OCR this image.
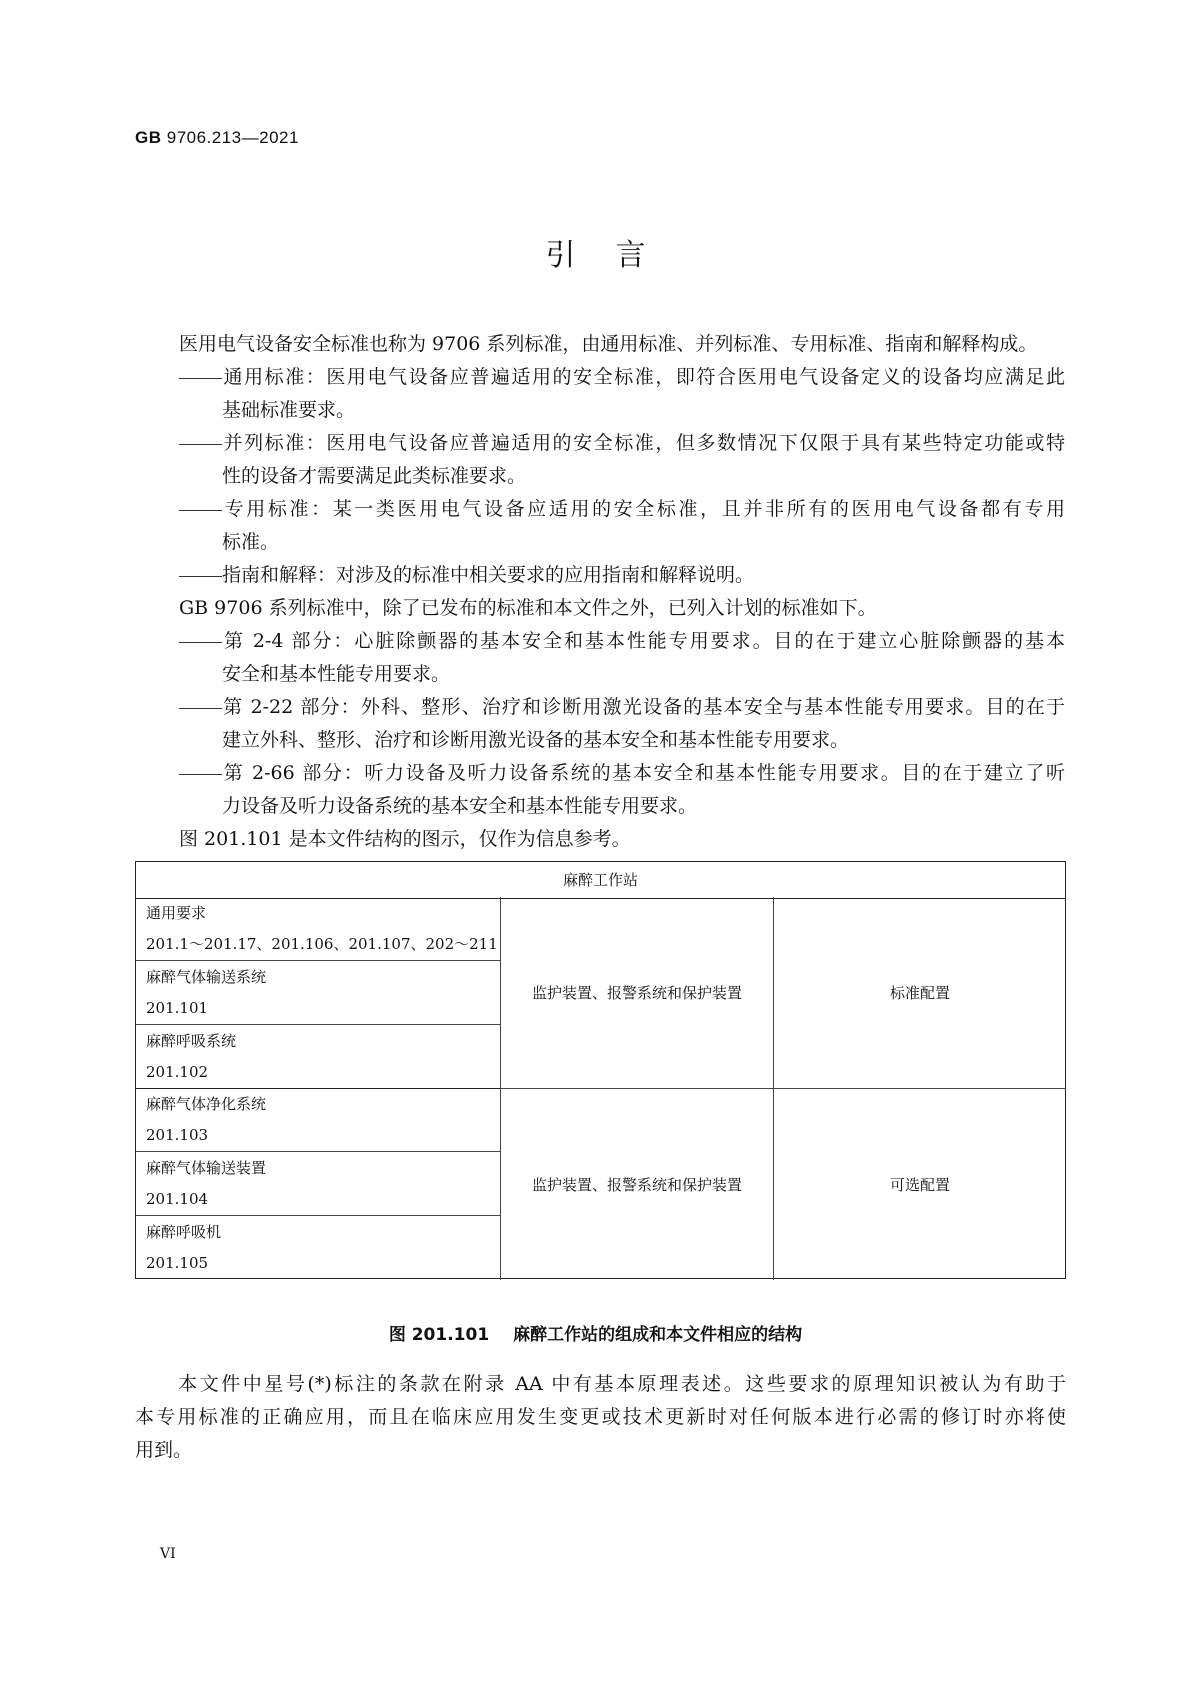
GB 9706.213—2021
引言
医用电气设备安全标准也称为 9706 系列标准，由通用标准、并列标准、专用标准、指南和解释构成。
通用标准：医用电气设备应普遍适用的安全标准，即符合医用电气设备定义的设备均应满足此
基础标准要求。
并列标准：医用电气设备应普遍适用的安全标准，但多数情况下仅限于具有某些特定功能或特
性的设备才需要满足此类标准要求。
专用标准：某一类医用电气设备应适用的安全标准，且并非所有的医用电气设备都有专用
标准。
指南和解释：对涉及的标准中相关要求的应用指南和解释说明。
GB 9706 系列标准中，除了已发布的标准和本文件之外，已列入计划的标准如下。
第 2-4 部分：心脏除颤器的基本安全和基本性能专用要求。目的在于建立心脏除颤器的基本
安全和基本性能专用要求。
第 2-22 部分：外科、整形、治疗和诊断用激光设备的基本安全与基本性能专用要求。目的在于
建立外科、整形、治疗和诊断用激光设备的基本安全和基本性能专用要求。
第 2-66 部分：听力设备及听力设备系统的基本安全和基本性能专用要求。目的在于建立了听
力设备及听力设备系统的基本安全和基本性能专用要求。
图 201.101 是本文件结构的图示，仅作为信息参考。
麻醉工作站
通用要求
201.1～201.17、201.106、201.107、202～211
麻醉气体输送系统
201.101
麻醉呼吸系统
201.102
监护装置、报警系统和保护装置	标准配置
麻醉气体净化系统
201.103
麻醉气体输送装置
201.104
麻醉呼吸机
201.105
监护装置、报警系统和保护装置	可选配置
图 201.101 麻醉工作站的组成和本文件相应的结构
　　本文件中星号(*)标注的条款在附录 AA 中有基本原理表述。这些要求的原理知识被认为有助于
本专用标准的正确应用，而且在临床应用发生变更或技术更新时对任何版本进行必需的修订时亦将使
用到。
VI
